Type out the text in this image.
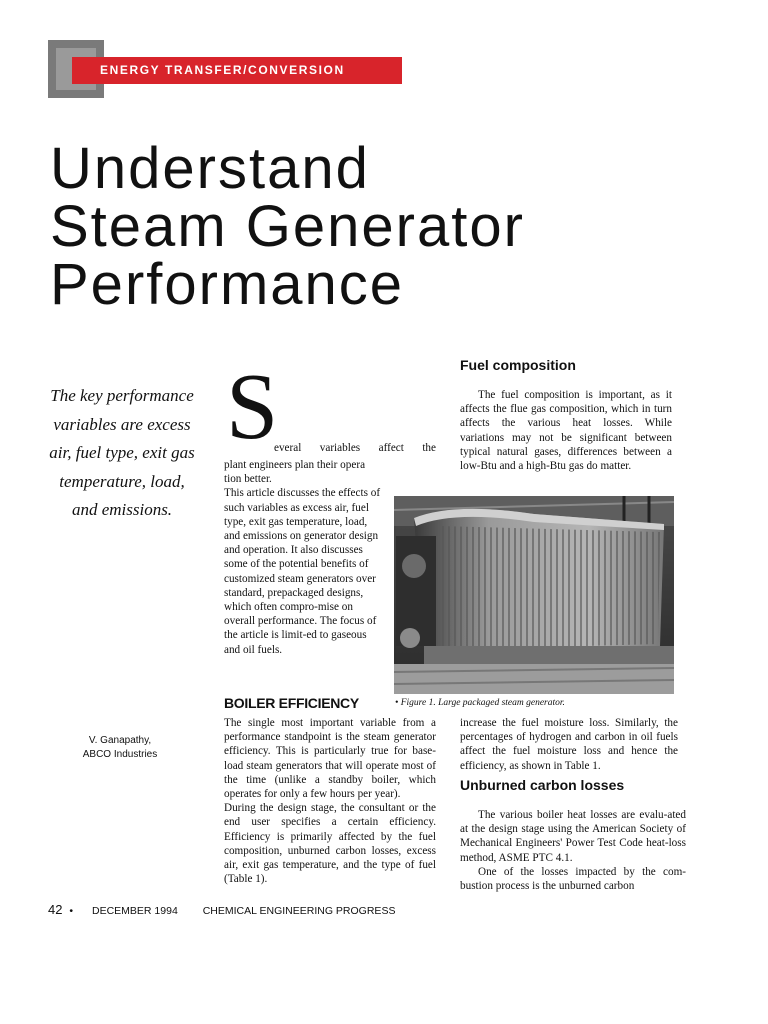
ENERGY TRANSFER/CONVERSION
Understand
Steam Generator
Performance
The key performance variables are excess air, fuel type, exit gas temperature, load, and emissions.
V. Ganapathy,
ABCO Industries
S
everal variables affect the

plant engineers plan their opera tion better.

This article discusses the effects of such variables as excess air, fuel type, exit gas temperature, load, and emissions on generator design and operation. It also discusses some of the potential benefits of customized steam generators over standard, prepackaged designs, which often compro-mise on overall performance. The focus of the article is limit-ed to gaseous and oil fuels.

Fuel composition

The fuel composition is important, as it affects the flue gas composition, which in turn affects the various heat losses. While variations may not be significant between typical natural gases, differences between a low-Btu and a high-Btu gas do matter.

• Figure 1. Large packaged steam generator.
BOILER EFFICIENCY

The single most important variable from a performance standpoint is the steam generator efficiency. This is particularly true for base-load steam generators that will operate most of the time (unlike a standby boiler, which operates for only a few hours per year).

During the design stage, the consultant or the end user specifies a certain efficiency. Efficiency is primarily affected by the fuel composition, unburned carbon losses, excess air, exit gas temperature, and the type of fuel (Table 1).

increase the fuel moisture loss. Similarly, the percentages of hydrogen and carbon in oil fuels affect the fuel moisture loss and hence the efficiency, as shown in Table 1.
Unburned carbon losses

The various boiler heat losses are evalu-ated at the design stage using the American Society of Mechanical Engineers' Power Test Code heat-loss method, ASME PTC 4.1.

One of the losses impacted by the com-bustion process is the unburned carbon

42 • DECEMBER 1994 CHEMICAL ENGINEERING PROGRESS
